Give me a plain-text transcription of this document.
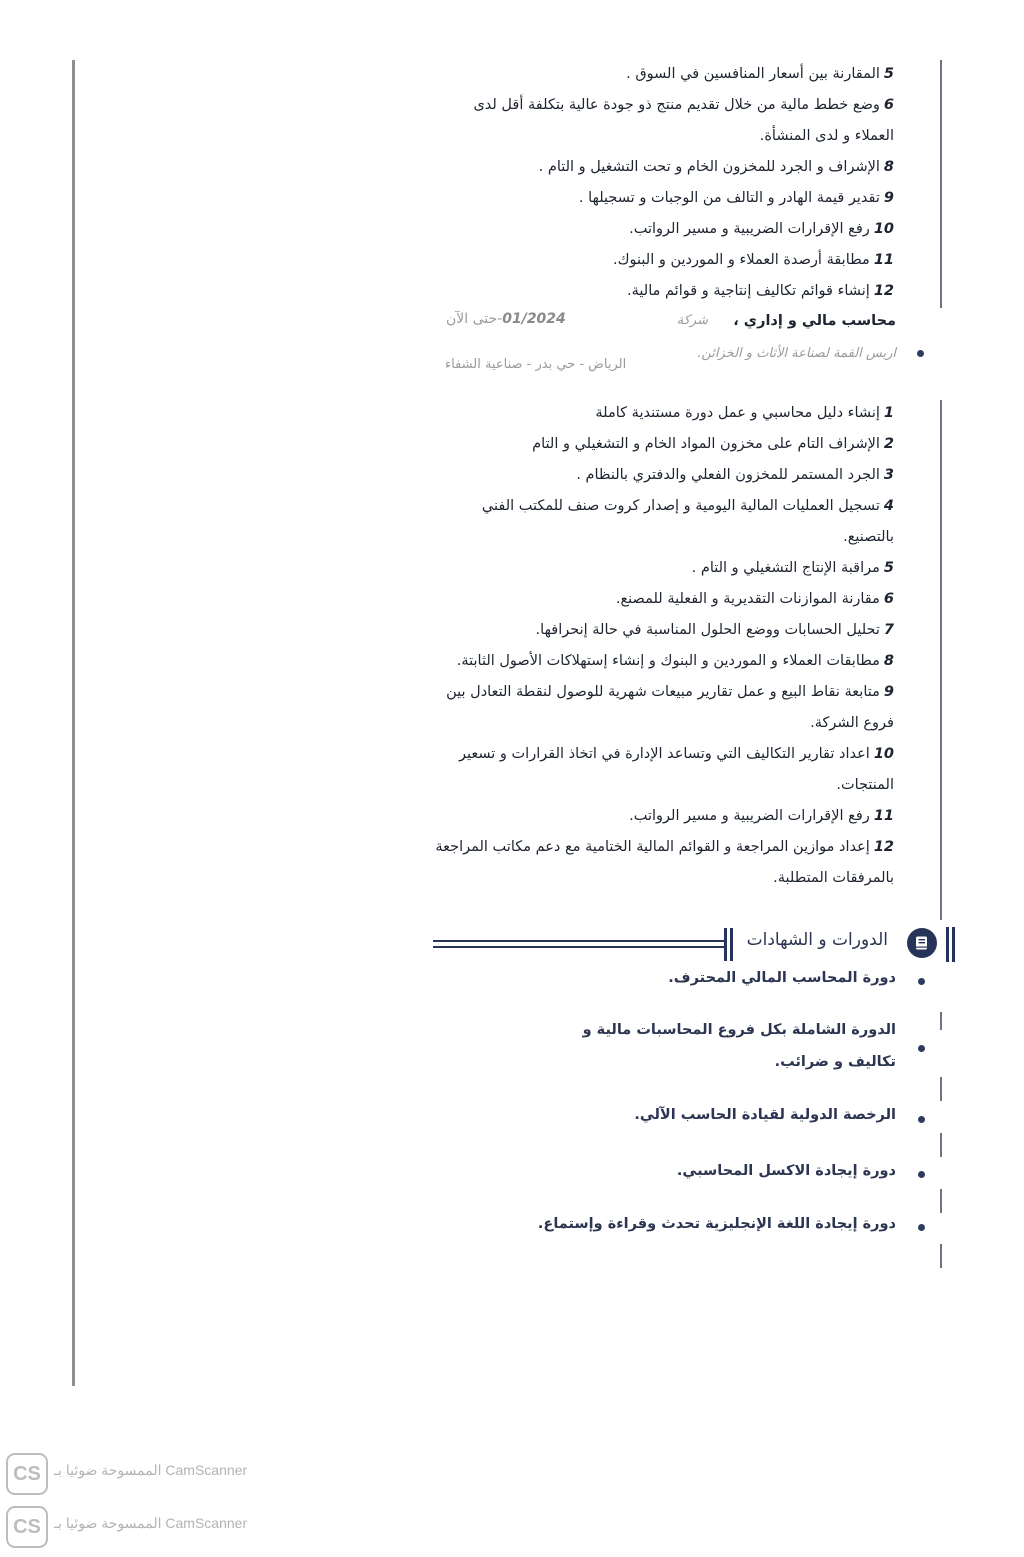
5المقارنة بين أسعار المنافسين في السوق .
6وضع خطط مالية من خلال تقديم منتج ذو جودة عالية بتكلفة أقل لدى العملاء و لدى المنشأة.
8الإشراف و الجرد للمخزون الخام و تحت التشغيل و التام .
9تقدير قيمة الهادر و التالف من الوجبات و تسجيلها .
10رفع الإقرارات الضريبية و مسير الرواتب.
11مطابقة أرصدة العملاء و الموردين و البنوك.
12إنشاء قوائم تكاليف إنتاجية و قوائم مالية.
محاسب مالي و إداري ،
شركة
01/2024-حتى الآن
اريس القمة لصناعة الأثاث و الخزائن.
الرياض - حي بدر - صناعية الشفاء
1إنشاء دليل محاسبي و عمل دورة مستندية كاملة
2الإشراف التام على مخزون المواد الخام و التشغيلي و التام
3الجرد المستمر للمخزون الفعلي والدفتري بالنظام .
4تسجيل العمليات المالية اليومية و إصدار كروت صنف للمكتب الفني بالتصنيع.
5مراقبة الإنتاج التشغيلي و التام .
6مقارنة الموازنات التقديرية و الفعلية للمصنع.
7تحليل الحسابات ووضع الحلول المناسبة في حالة إنحرافها.
8مطابقات العملاء و الموردين و البنوك و إنشاء إستهلاكات الأصول الثابتة.
9متابعة نقاط البيع و عمل تقارير مبيعات شهرية للوصول لنقطة التعادل بين فروع الشركة.
10اعداد تقارير التكاليف التي وتساعد الإدارة في اتخاذ القرارات و تسعير المنتجات.
11رفع الإقرارات الضريبية و مسير الرواتب.
12إعداد موازين المراجعة و القوائم المالية الختامية مع دعم مكاتب المراجعة بالمرفقات المتطلبة.
الدورات و الشهادات
دورة المحاسب المالي المحترف.
الدورة الشاملة بكل فروع المحاسبات مالية و تكاليف و ضرائب.
الرخصة الدولية لقيادة الحاسب الآلي.
دورة إيجادة الاكسل المحاسبي.
دورة إيجادة اللغة الإنجليزية تحدث وقراءة وإستماع.
CS الممسوحة ضوئيا بـ CamScanner
CS الممسوحة ضوئيا بـ CamScanner
